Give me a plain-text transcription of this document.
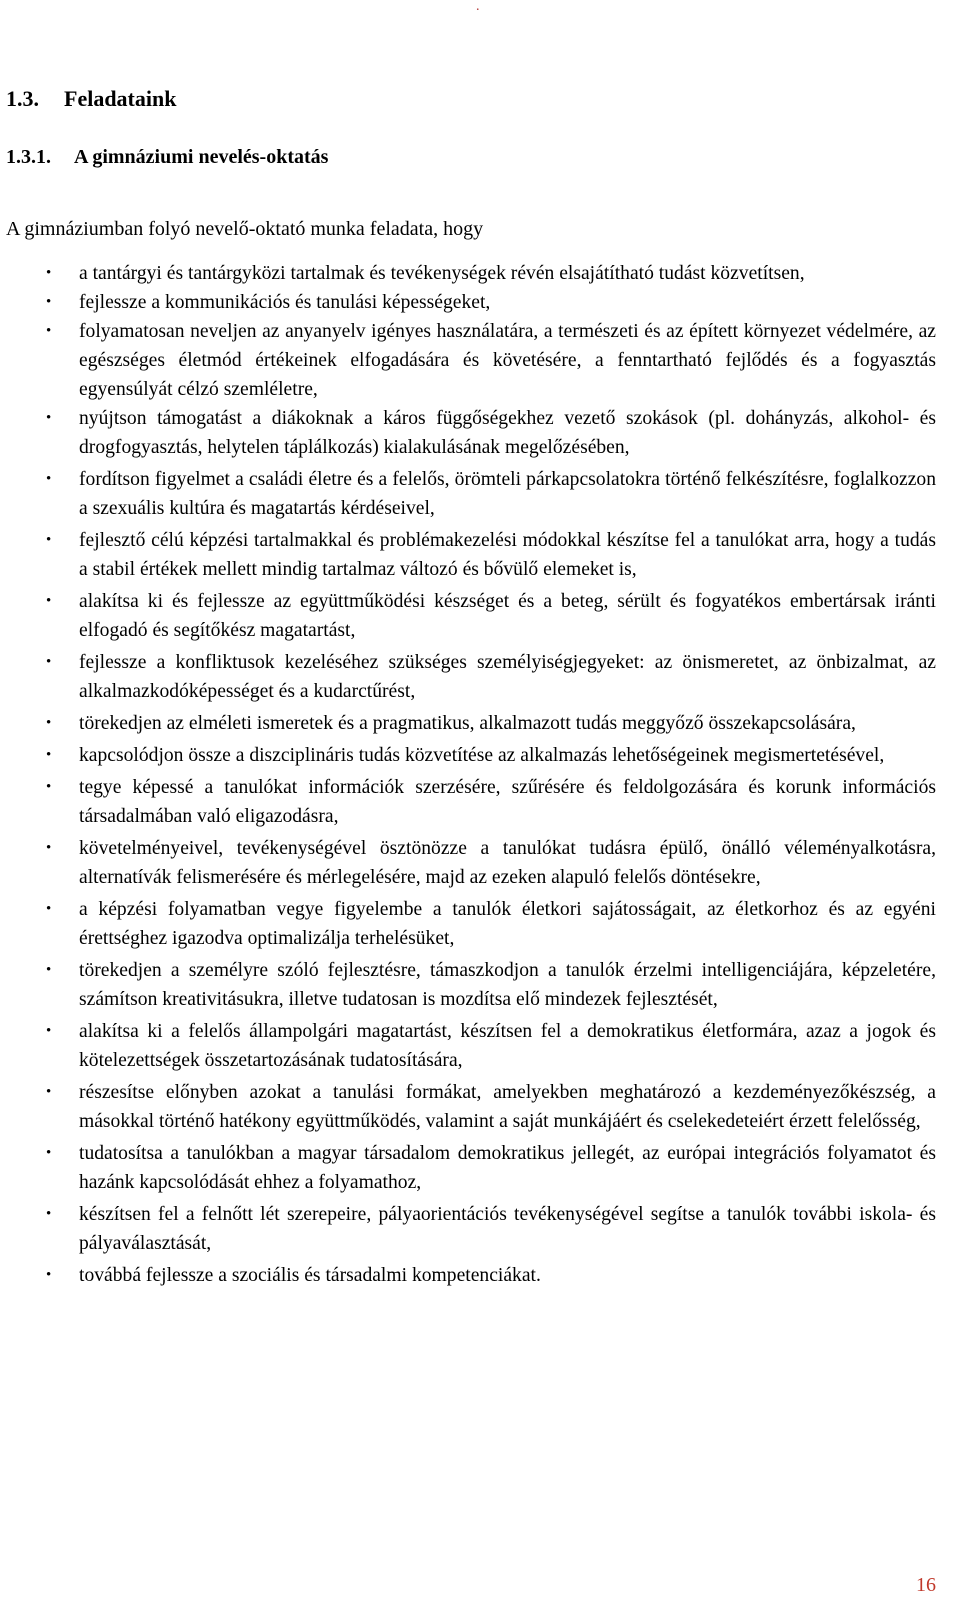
.
1.3. Feladataink
1.3.1. A gimnáziumi nevelés-oktatás
A gimnáziumban folyó nevelő-oktató munka feladata, hogy
• a tantárgyi és tantárgyközi tartalmak és tevékenységek révén elsajátítható tudást közvetítsen,
• fejlessze a kommunikációs és tanulási képességeket,
• folyamatosan neveljen az anyanyelv igényes használatára, a természeti és az épített környezet védelmére, az egészséges életmód értékeinek elfogadására és követésére, a fenntartható fejlődés és a fogyasztás egyensúlyát célzó szemléletre,
• nyújtson támogatást a diákoknak a káros függőségekhez vezető szokások (pl. dohányzás, alkohol- és drogfogyasztás, helytelen táplálkozás) kialakulásának megelőzésében,
• fordítson figyelmet a családi életre és a felelős, örömteli párkapcsolatokra történő felkészítésre, foglalkozzon a szexuális kultúra és magatartás kérdéseivel,
• fejlesztő célú képzési tartalmakkal és problémakezelési módokkal készítse fel a tanulókat arra, hogy a tudás a stabil értékek mellett mindig tartalmaz változó és bővülő elemeket is,
• alakítsa ki és fejlessze az együttműködési készséget és a beteg, sérült és fogyatékos embertársak iránti elfogadó és segítőkész magatartást,
• fejlessze a konfliktusok kezeléséhez szükséges személyiségjegyeket: az önismeretet, az önbizalmat, az alkalmazkodóképességet és a kudarctűrést,
• törekedjen az elméleti ismeretek és a pragmatikus, alkalmazott tudás meggyőző összekapcsolására,
• kapcsolódjon össze a diszciplináris tudás közvetítése az alkalmazás lehetőségeinek megismertetésével,
• tegye képessé a tanulókat információk szerzésére, szűrésére és feldolgozására és korunk információs társadalmában való eligazodásra,
• követelményeivel, tevékenységével ösztönözze a tanulókat tudásra épülő, önálló véleményalkotásra, alternatívák felismerésére és mérlegelésére, majd az ezeken alapuló felelős döntésekre,
• a képzési folyamatban vegye figyelembe a tanulók életkori sajátosságait, az életkorhoz és az egyéni érettséghez igazodva optimalizálja terhelésüket,
• törekedjen a személyre szóló fejlesztésre, támaszkodjon a tanulók érzelmi intelligenciájára, képzeletére, számítson kreativitásukra, illetve tudatosan is mozdítsa elő mindezek fejlesztését,
• alakítsa ki a felelős állampolgári magatartást, készítsen fel a demokratikus életformára, azaz a jogok és kötelezettségek összetartozásának tudatosítására,
• részesítse előnyben azokat a tanulási formákat, amelyekben meghatározó a kezdeményezőkészség, a másokkal történő hatékony együttműködés, valamint a saját munkájáért és cselekedeteiért érzett felelősség,
• tudatosítsa a tanulókban a magyar társadalom demokratikus jellegét, az európai integrációs folyamatot és hazánk kapcsolódását ehhez a folyamathoz,
• készítsen fel a felnőtt lét szerepeire, pályaorientációs tevékenységével segítse a tanulók további iskola- és pályaválasztását,
• továbbá fejlessze a szociális és társadalmi kompetenciákat.
16
